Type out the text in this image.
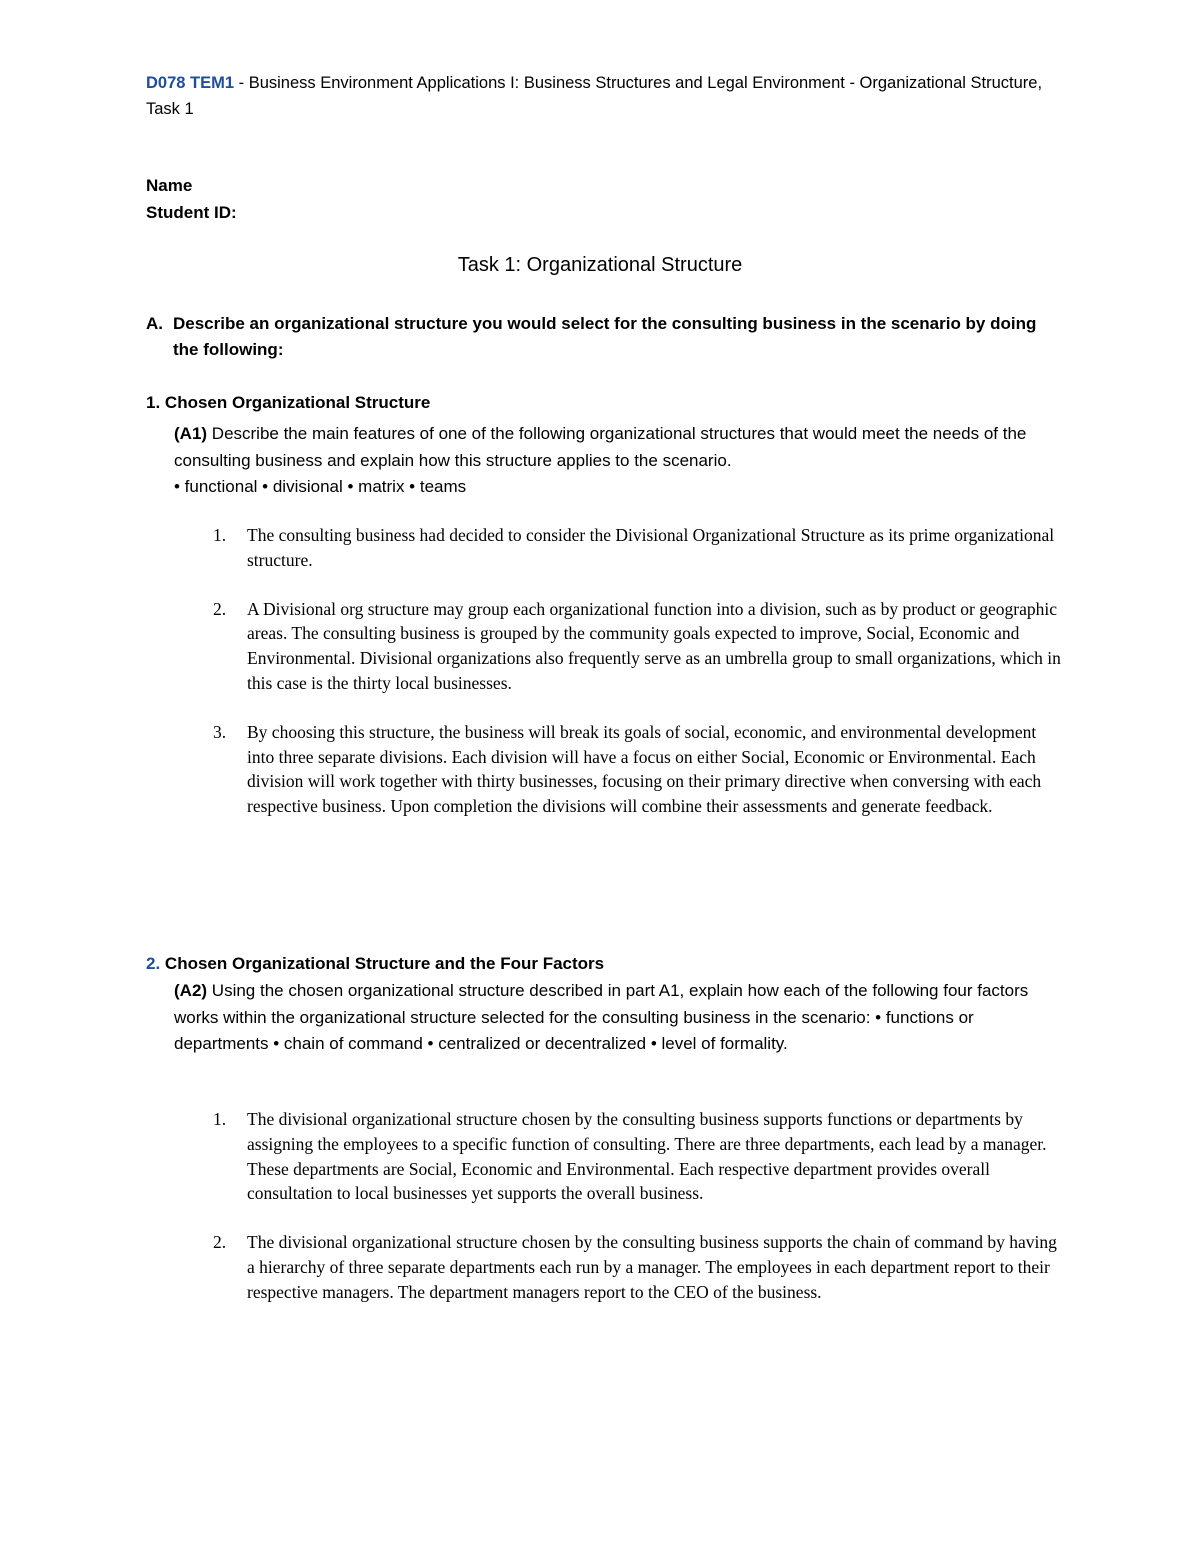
D078 TEM1 - Business Environment Applications I: Business Structures and Legal Environment - Organizational Structure, Task 1
Name
Student ID:
Task 1: Organizational Structure
A. Describe an organizational structure you would select for the consulting business in the scenario by doing the following:
1. Chosen Organizational Structure
(A1) Describe the main features of one of the following organizational structures that would meet the needs of the consulting business and explain how this structure applies to the scenario.
• functional • divisional • matrix • teams
1. The consulting business had decided to consider the Divisional Organizational Structure as its prime organizational structure.
2. A Divisional org structure may group each organizational function into a division, such as by product or geographic areas. The consulting business is grouped by the community goals expected to improve, Social, Economic and Environmental. Divisional organizations also frequently serve as an umbrella group to small organizations, which in this case is the thirty local businesses.
3. By choosing this structure, the business will break its goals of social, economic, and environmental development into three separate divisions. Each division will have a focus on either Social, Economic or Environmental. Each division will work together with thirty businesses, focusing on their primary directive when conversing with each respective business. Upon completion the divisions will combine their assessments and generate feedback.
2. Chosen Organizational Structure and the Four Factors
(A2) Using the chosen organizational structure described in part A1, explain how each of the following four factors works within the organizational structure selected for the consulting business in the scenario: • functions or departments • chain of command • centralized or decentralized • level of formality.
1. The divisional organizational structure chosen by the consulting business supports functions or departments by assigning the employees to a specific function of consulting. There are three departments, each lead by a manager. These departments are Social, Economic and Environmental. Each respective department provides overall consultation to local businesses yet supports the overall business.
2. The divisional organizational structure chosen by the consulting business supports the chain of command by having a hierarchy of three separate departments each run by a manager. The employees in each department report to their respective managers. The department managers report to the CEO of the business.
